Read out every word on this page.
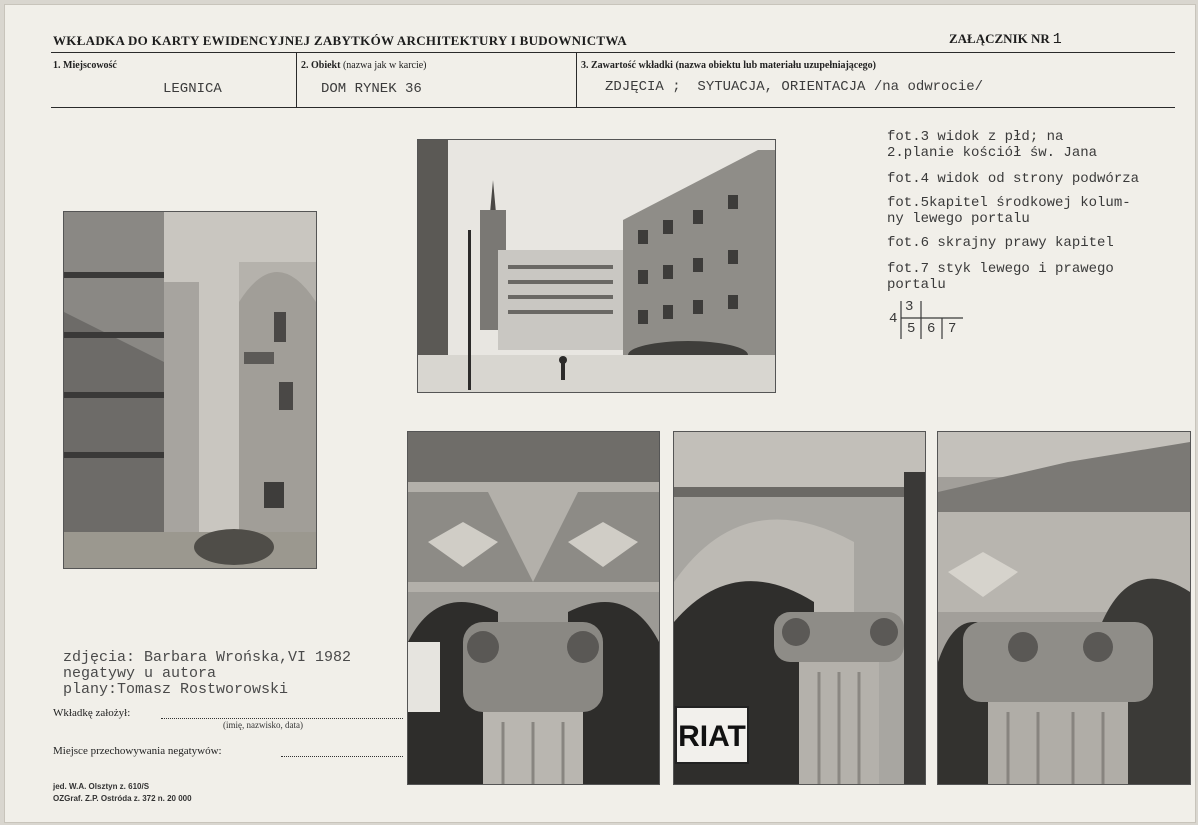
WKŁADKA DO KARTY EWIDENCYJNEJ ZABYTKÓW ARCHITEKTURY I BUDOWNICTWA	ZAŁĄCZNIK NR 1
1. Miejscowość	2. Obiekt (nazwa jak w karcie)	3. Zawartość wkładki (nazwa obiektu lub materiału uzupełniającego)
LEGNICA	DOM RYNEK 36	ZDJĘCIA ;  SYTUACJA, ORIENTACJA /na odwrocie/
RIAT
fot.3 widok z płd; na
2.planie kościół św. Jana
fot.4 widok od strony podwórza
fot.5kapitel środkowej kolum-
ny lewego portalu
fot.6 skrajny prawy kapitel
fot.7 styk lewego i prawego
portalu
4
3
5 6 7
zdjęcia: Barbara Wrońska,VI 1982
negatywy u autora
plany:Tomasz Rostworowski
Wkładkę założył:
(imię, nazwisko, data)
Miejsce przechowywania negatywów:
jed. W.A. Olsztyn z. 610/S
OZGraf. Z.P. Ostróda z. 372 n. 20 000
